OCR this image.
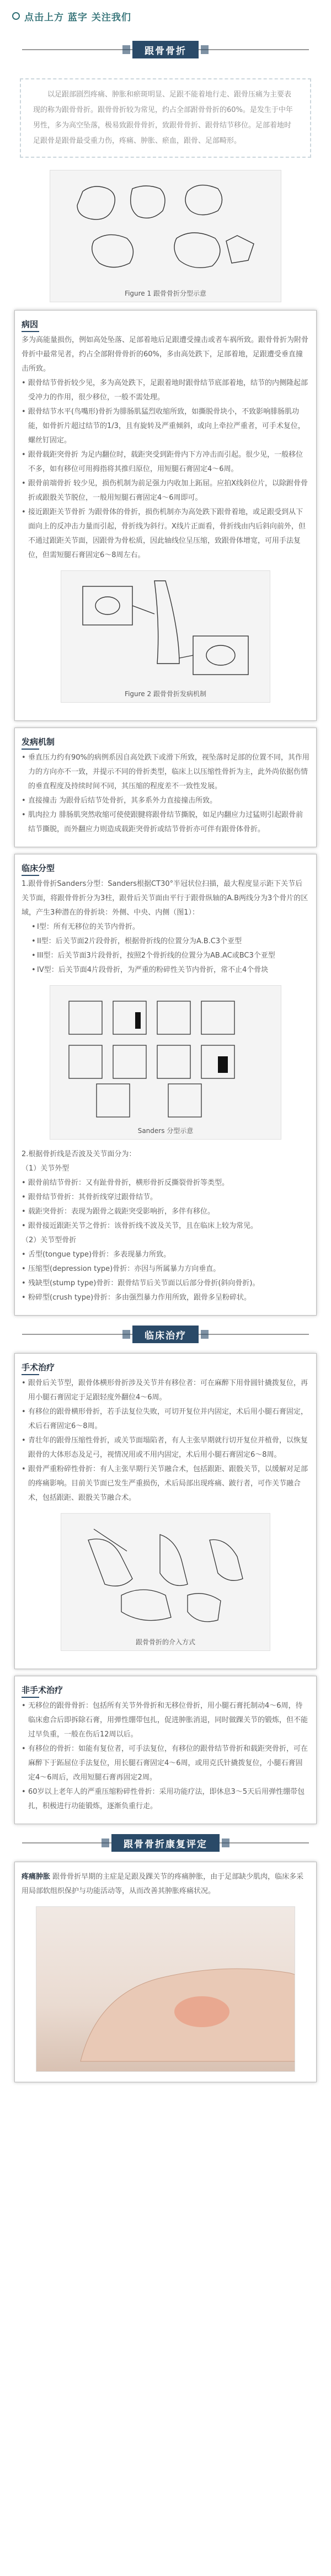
点击上方 蓝字 关注我们
跟骨骨折
以足跟部剧烈疼痛、肿胀和瘀斑明显、足跟不能着地行走、跟骨压痛为主要表现的称为跟骨骨折。跟骨骨折较为常见，约占全部跗骨骨折的60%。是发生于中年男性，多为高空坠落，极易致跟骨骨折，致跟骨骨折、跟骨结节移位。足部着地时足跟骨是跟骨最受重力伤，疼痛、肿胀、瘀血，跟骨、足部畸形。
Figure 1 跟骨骨折分型示意
病因
多为高能量损伤，例如高处坠落、足部着地后足跟遭受撞击或者车祸所致。跟骨骨折为附骨骨折中最常见者，约占全部附骨骨折的60%，多由高处跌下，足部着地，足跟遭受垂直撞击所致。
• 跟骨结节骨折较少见，多为高处跌下，足跟着地时跟骨结节底部着地，结节的内侧隆起部受冲力的作用，很少移位，一般不需处理。
• 跟骨结节水平(鸟嘴形)骨折为腓肠肌猛烈收缩所致，如撕脱骨块小，不致影响腓肠肌功能，如骨折片超过结节的1/3，且有旋转及严重倾斜，或向上牵拉严重者，可手术复位，螺丝钉固定。
• 跟骨载距突骨折 为足内翻位时，载距突受到距骨内下方冲击而引起。很少见，一般移位不多，如有移位可用拇指将其推归原位，用短腿石膏固定4～6周。
• 跟骨前端骨折 较少见，损伤机制为前足强力内收加上跖屈。应拍X线斜位片，以除跗骨骨折或跟骰关节脱位，一般用短腿石膏固定4～6周即可。
• 接近跟距关节骨折 为跟骨体的骨折，损伤机制亦为高处跌下跟骨着地，或足跟受到从下面向上的反冲击力量而引起，骨折线为斜行。X线片正面看，骨折线由内后斜向前外，但不通过跟距关节面，因跟骨为骨松质，因此轴线位呈压缩，致跟骨体增宽，可用手法复位，但需短腿石膏固定6～8周左右。
Figure 2 跟骨骨折发病机制
发病机制
• 垂直压力约有90%的病例系因自高处跌下或滑下所致，视坠落时足部的位置不同，其作用力的方向亦不一致，并提示不同的骨折类型，临床上以压缩性骨折为主，此外尚依据伤情的垂直程度及持续时间不同，其压缩的程度差不一致性发展。
• 直接撞击 为跟骨后结节处骨折，其多系外力直接撞击所致。
• 肌肉拉力 腓肠肌突然收缩可使使跟腱将跟骨结节撕脱，如足内翻应力过猛则引起跟骨前结节撕脱，而外翻应力则造成载距突骨折或结节骨折亦可伴有跟骨体骨折。
临床分型
1.跟骨骨折Sanders分型：Sanders根据CT30°半冠状位扫描，最大程度显示距下关节后关节面，将跟骨骨折分为3柱，跟骨后关节面由平行于跟骨纵轴的A.B两线分为3个骨片的区域，产生3种潜在的骨折块：外侧、中央、内侧（图1）：
• I型：所有无移位的关节内骨折。
• II型：后关节面2片段骨折，根据骨折线的位置分为A.B.C3个亚型
• III型：后关节面3片段骨折，按照2个骨折线的位置分为AB.AC或BC3个亚型
• IV型：后关节面4片段骨折，为严重的粉碎性关节内骨折，常不止4个骨块
Sanders 分型示意
2.根据骨折线是否波及关节面分为：
（1）关节外型
• 跟骨前结节骨折：又有趾骨骨折，横形骨折反撕裂骨折等类型。
• 跟骨结节骨折：其骨折线穿过跟骨结节。
• 载距突骨折：表现为跟骨之载距突受影响折，多伴有移位。
• 跟骨接近跟距关节之骨折：该骨折线不波及关节，且在临床上较为常见。
（2）关节型骨折
• 舌型(tongue type)骨折：多表现暴力所致。
• 压缩型(depression type)骨折：亦因与所属暴力方向垂直。
• 残缺型(stump type)骨折：跟骨结节后关节面以后部分骨折(斜向骨折)。
• 粉碎型(crush type)骨折：多由强烈暴力作用所致，跟骨多呈粉碎状。
临床治疗
手术治疗
• 跟骨后关节型，跟骨体横形骨折涉及关节并有移位者：可在麻醉下用骨圆针撬拨复位，再用小腿石膏固定于足跟轻度外翻位4～6周。
• 有移位的跟骨横形骨折，若手法复位失败，可切开复位并内固定，术后用小腿石膏固定，术后石膏固定6～8周。
• 青壮年的跟骨压缩性骨折，或关节面塌陷者，有人主张早期就行切开复位并植骨，以恢复跟骨的大体形态及足弓，视情况用或不用内固定，术后用小腿石膏固定6～8周。
• 跟骨严重粉碎性骨折：有人主张早期行关节融合术，包括跟距、跟骰关节，以缓解对足部的疼痛影响。目前关节面已发生严重损伤，术后局部出现疼痛、跛行者，可作关节融合术，包括跟距、跟骰关节融合术。
跟骨骨折的介入方式
非手术治疗
• 无移位的跟骨骨折：包括所有关节外骨折和无移位骨折，用小腿石膏托制动4～6周，待临床愈合后即拆除石膏，用弹性绷带包扎，促进肿胀消退，同时做踝关节的锻炼，但不能过早负重，一般在伤后12周以后。
• 有移位的骨折：如能有复位者，可手法复位，有移位的跟骨结节骨折和载距突骨折，可在麻醉下于跖屈位手法复位，用长腿石膏固定4～6周，或用克氏针撬拨复位，小腿石膏固定4～6周后，改用短腿石膏再固定2周。
• 60岁以上老年人的严重压缩粉碎性骨折：采用功能疗法，即休息3～5天后用弹性绷带包扎，积极进行功能锻炼，逐渐负重行走。
跟骨骨折康复评定
疼痛肿胀 跟骨骨折早期的主症是足跟及踝关节的疼痛肿胀，由于足部缺少肌肉，临床多采用局部软组织保护与功能活动等，从而改善其肿胀疼痛状况。
